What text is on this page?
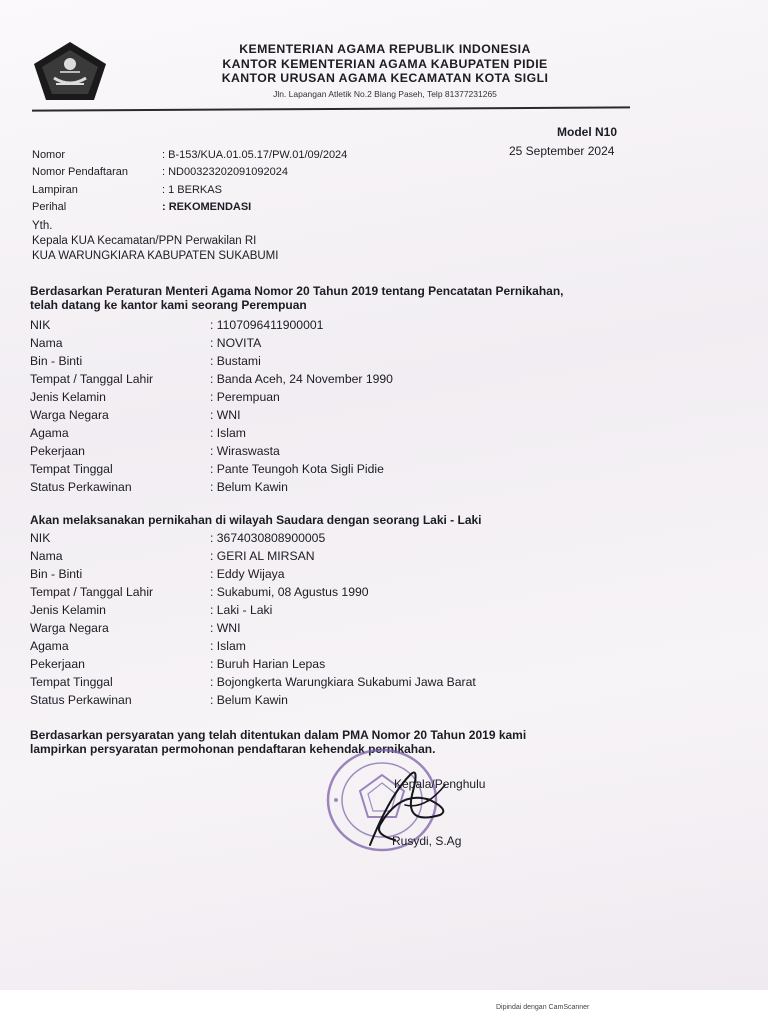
Dipindai dengan CamScanner
KEMENTERIAN AGAMA REPUBLIK INDONESIA
KANTOR KEMENTERIAN AGAMA KABUPATEN PIDIE
KANTOR URUSAN AGAMA KECAMATAN KOTA SIGLI
Jln. Lapangan Atletik No.2 Blang Paseh, Telp 81377231265
Model N10
25 September 2024
Nomor	: B-153/KUA.01.05.17/PW.01/09/2024
Nomor Pendaftaran	: ND00323202091092024
Lampiran	: 1 BERKAS
Perihal	: REKOMENDASI
Yth.
Kepala KUA Kecamatan/PPN Perwakilan RI
KUA WARUNGKIARA KABUPATEN SUKABUMI
Berdasarkan Peraturan Menteri Agama Nomor 20 Tahun 2019 tentang Pencatatan Pernikahan,
telah datang ke kantor kami seorang Perempuan
NIK	: 1107096411900001
Nama	: NOVITA
Bin - Binti	: Bustami
Tempat / Tanggal Lahir	: Banda Aceh, 24 November 1990
Jenis Kelamin	: Perempuan
Warga Negara	: WNI
Agama	: Islam
Pekerjaan	: Wiraswasta
Tempat Tinggal	: Pante Teungoh Kota Sigli Pidie
Status Perkawinan	: Belum Kawin
Akan melaksanakan pernikahan di wilayah Saudara dengan seorang Laki - Laki
NIK	: 3674030808900005
Nama	: GERI AL MIRSAN
Bin - Binti	: Eddy Wijaya
Tempat / Tanggal Lahir	: Sukabumi, 08 Agustus 1990
Jenis Kelamin	: Laki - Laki
Warga Negara	: WNI
Agama	: Islam
Pekerjaan	: Buruh Harian Lepas
Tempat Tinggal	: Bojongkerta Warungkiara Sukabumi Jawa Barat
Status Perkawinan	: Belum Kawin
Berdasarkan persyaratan yang telah ditentukan dalam PMA Nomor 20 Tahun 2019 kami
lampirkan persyaratan permohonan pendaftaran kehendak pernikahan.
Kepala/Penghulu
Rusydi, S.Ag
